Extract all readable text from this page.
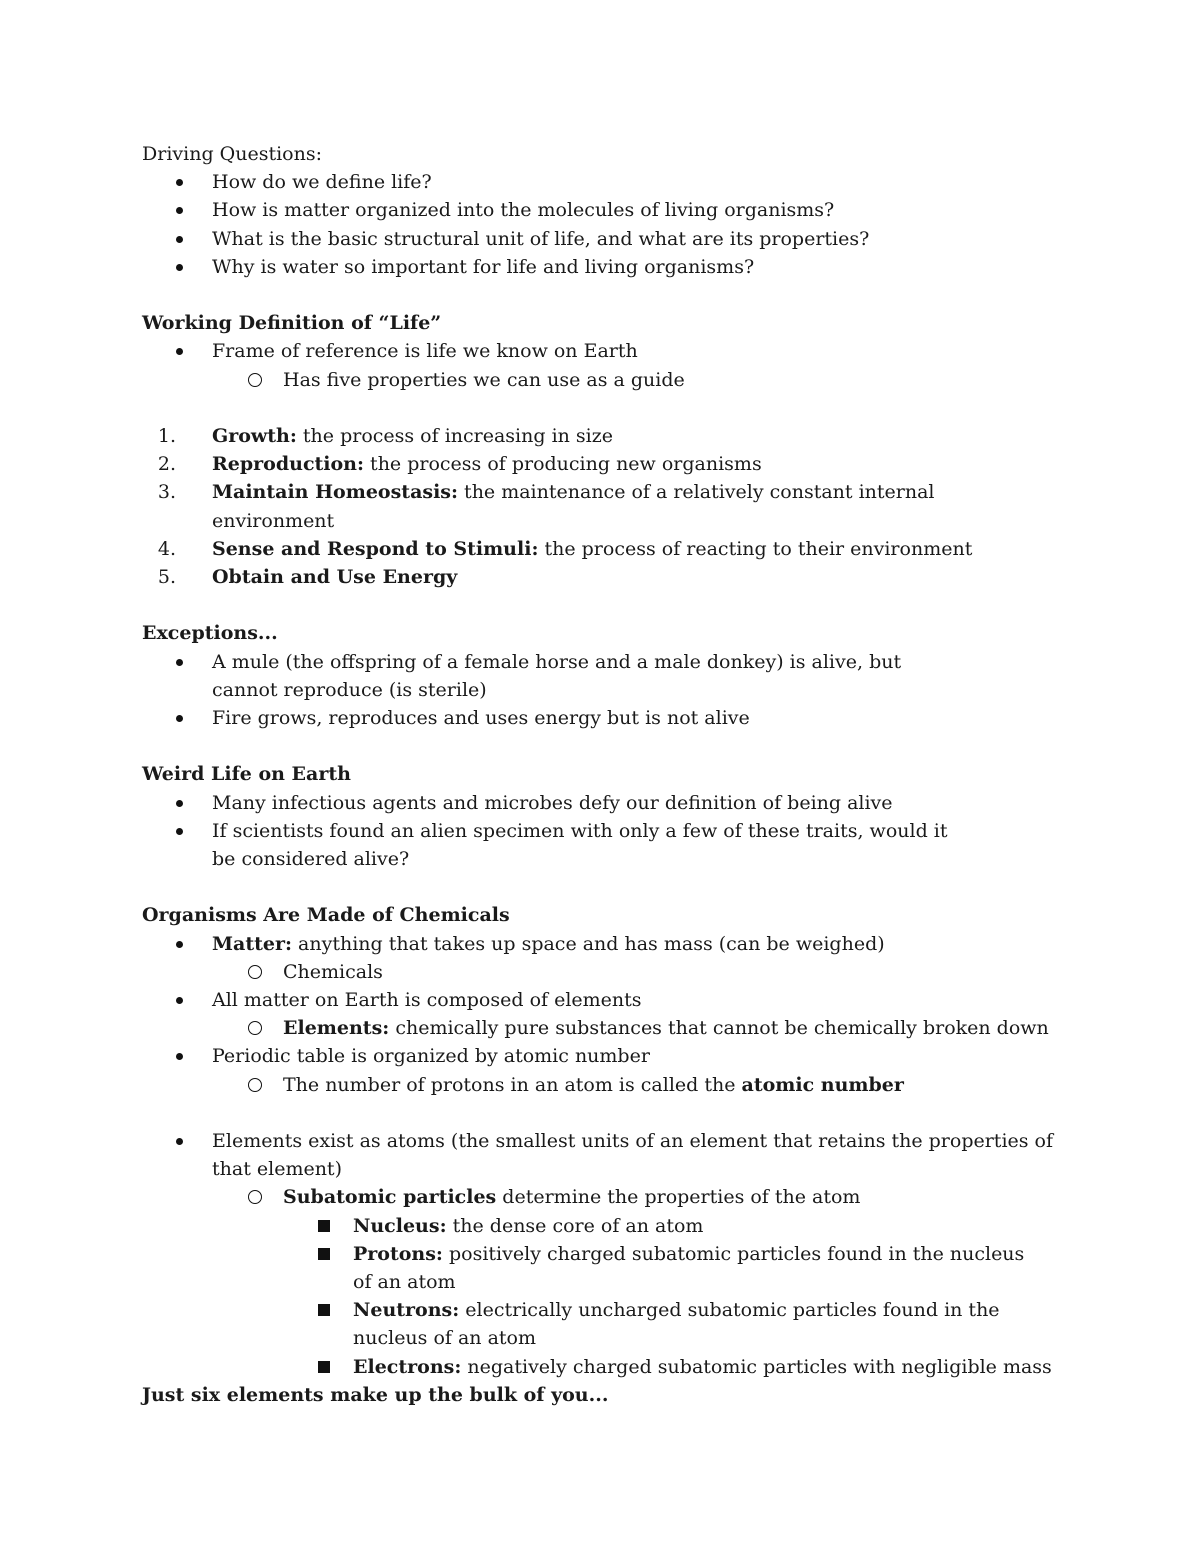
Driving Questions:
How do we define life?
How is matter organized into the molecules of living organisms?
What is the basic structural unit of life, and what are its properties?
Why is water so important for life and living organisms?
Working Definition of “Life”
Frame of reference is life we know on Earth
Has five properties we can use as a guide
1. Growth: the process of increasing in size
2. Reproduction: the process of producing new organisms
3. Maintain Homeostasis: the maintenance of a relatively constant internal environment
4. Sense and Respond to Stimuli: the process of reacting to their environment
5. Obtain and Use Energy
Exceptions...
A mule (the offspring of a female horse and a male donkey) is alive, but cannot reproduce (is sterile)
Fire grows, reproduces and uses energy but is not alive
Weird Life on Earth
Many infectious agents and microbes defy our definition of being alive
If scientists found an alien specimen with only a few of these traits, would it be considered alive?
Organisms Are Made of Chemicals
Matter: anything that takes up space and has mass (can be weighed)
Chemicals
All matter on Earth is composed of elements
Elements: chemically pure substances that cannot be chemically broken down
Periodic table is organized by atomic number
The number of protons in an atom is called the atomic number
Elements exist as atoms (the smallest units of an element that retains the properties of that element)
Subatomic particles determine the properties of the atom
Nucleus: the dense core of an atom
Protons: positively charged subatomic particles found in the nucleus of an atom
Neutrons: electrically uncharged subatomic particles found in the nucleus of an atom
Electrons: negatively charged subatomic particles with negligible mass
Just six elements make up the bulk of you...
